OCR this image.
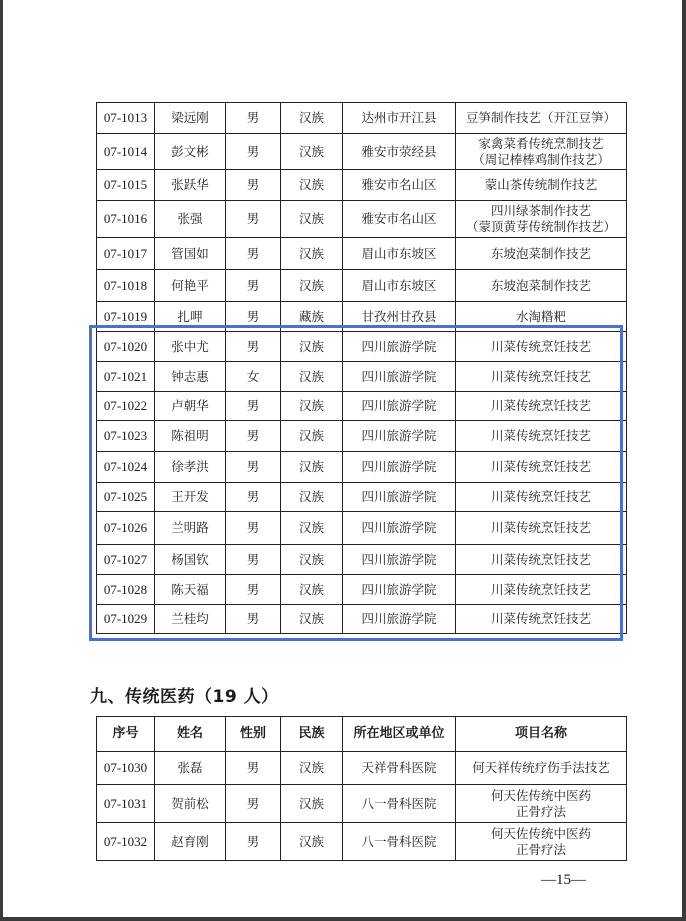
07-1013	梁远刚	男	汉族	达州市开江县	豆笋制作技艺（开江豆笋）

07-1014	彭文彬	男	汉族	雅安市荥经县	家禽菜肴传统烹制技艺
（周记棒棒鸡制作技艺）

07-1015	张跃华	男	汉族	雅安市名山区	蒙山茶传统制作技艺

07-1016	张强	男	汉族	雅安市名山区	四川绿茶制作技艺
（蒙顶黄芽传统制作技艺）

07-1017	管国如	男	汉族	眉山市东坡区	东坡泡菜制作技艺

07-1018	何艳平	男	汉族	眉山市东坡区	东坡泡菜制作技艺

07-1019	扎呷	男	藏族	甘孜州甘孜县	水淘糌粑

07-1020	张中尤	男	汉族	四川旅游学院	川菜传统烹饪技艺

07-1021	钟志惠	女	汉族	四川旅游学院	川菜传统烹饪技艺

07-1022	卢朝华	男	汉族	四川旅游学院	川菜传统烹饪技艺

07-1023	陈祖明	男	汉族	四川旅游学院	川菜传统烹饪技艺

07-1024	徐孝洪	男	汉族	四川旅游学院	川菜传统烹饪技艺

07-1025	王开发	男	汉族	四川旅游学院	川菜传统烹饪技艺

07-1026	兰明路	男	汉族	四川旅游学院	川菜传统烹饪技艺

07-1027	杨国钦	男	汉族	四川旅游学院	川菜传统烹饪技艺

07-1028	陈天福	男	汉族	四川旅游学院	川菜传统烹饪技艺

07-1029	兰桂均	男	汉族	四川旅游学院	川菜传统烹饪技艺
九、传统医药（19 人）
序号	姓名	性别	民族	所在地区或单位	项目名称
07-1030	张磊	男	汉族	天祥骨科医院	何天祥传统疗伤手法技艺

07-1031	贺前松	男	汉族	八一骨科医院	何天佐传统中医药
正骨疗法

07-1032	赵育刚	男	汉族	八一骨科医院	何天佐传统中医药
正骨疗法
—15—
